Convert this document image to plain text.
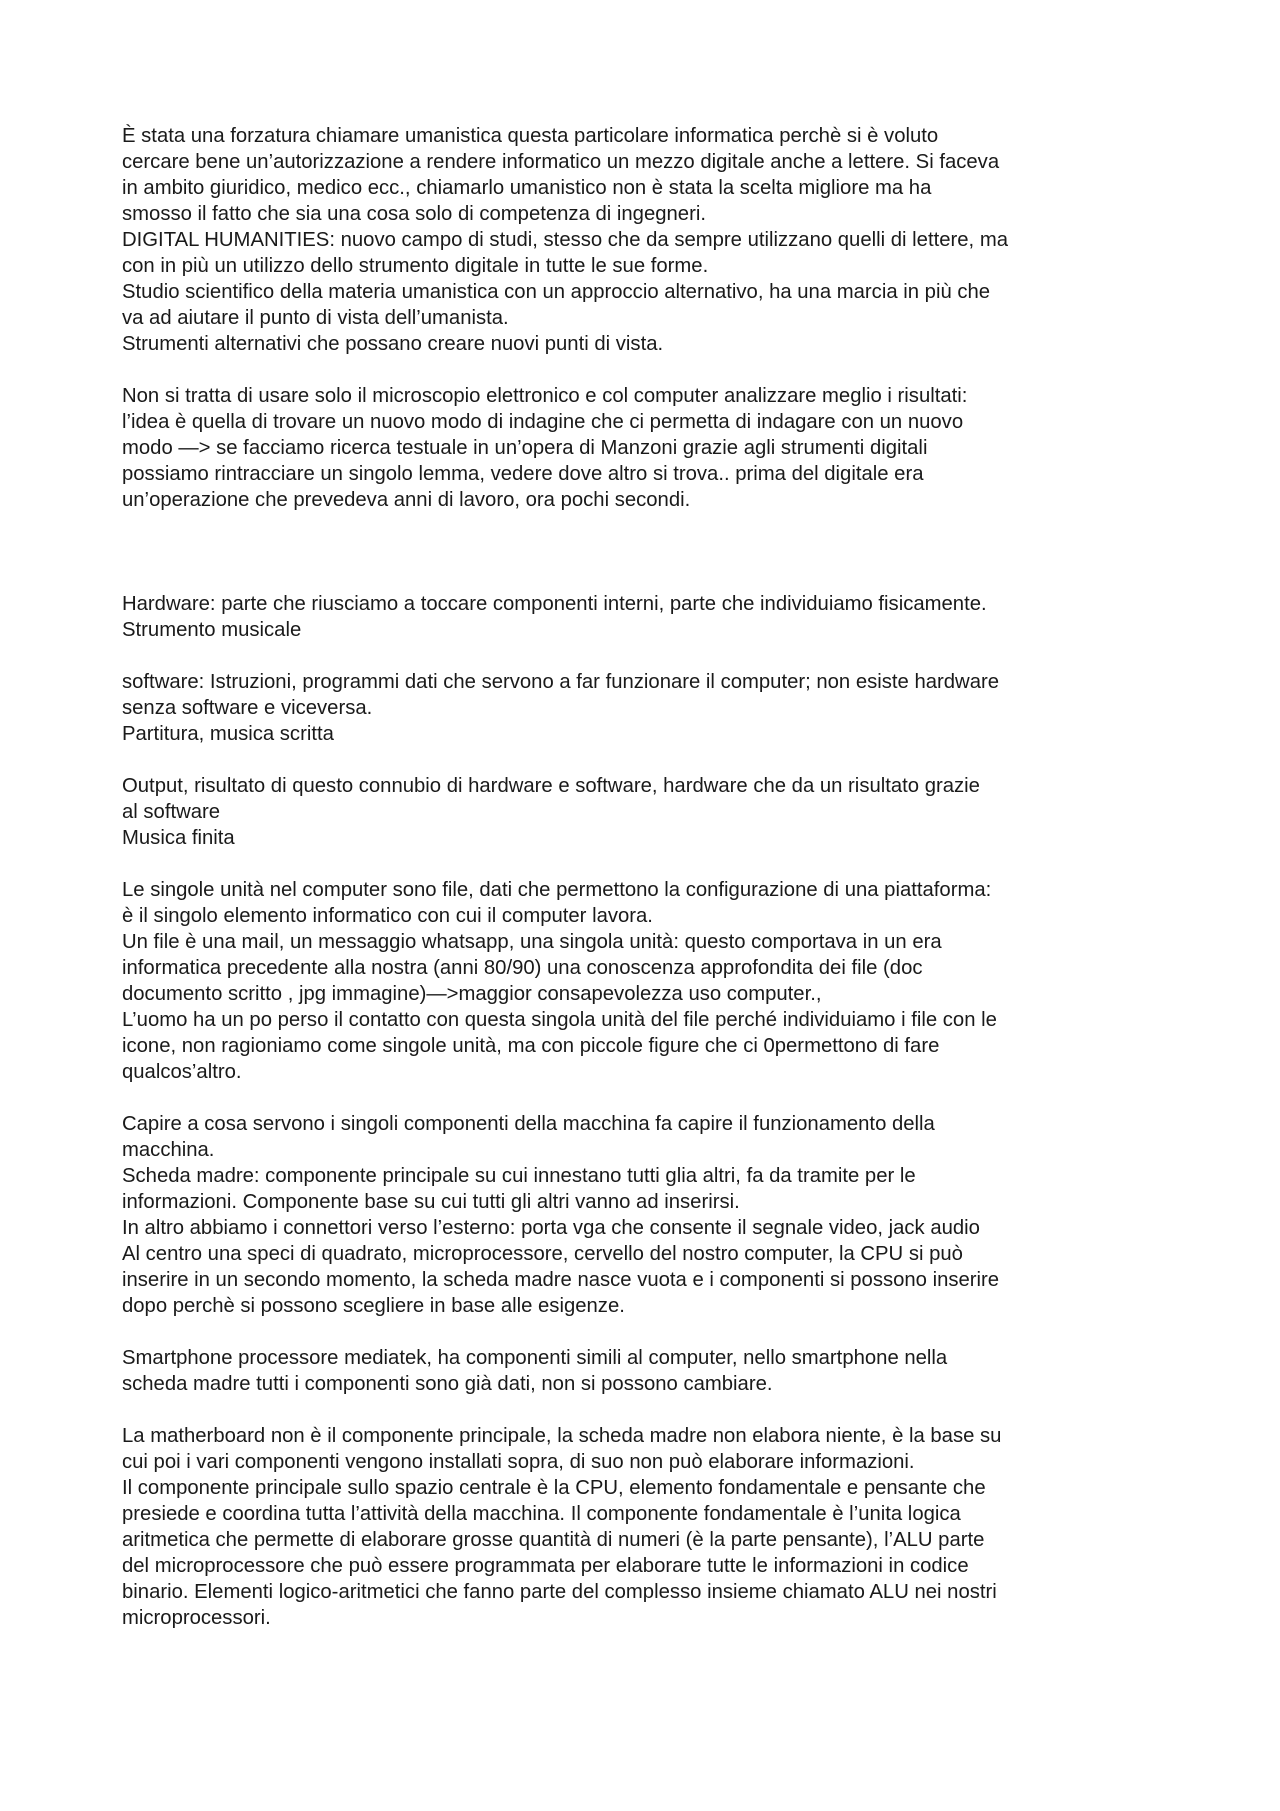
È stata una forzatura chiamare umanistica questa particolare informatica perchè si è voluto

cercare bene un’autorizzazione a rendere informatico un mezzo digitale anche a lettere. Si faceva

in ambito giuridico, medico ecc., chiamarlo umanistico non è stata la scelta migliore ma ha

smosso il fatto che sia una cosa solo di competenza di ingegneri.

DIGITAL HUMANITIES: nuovo campo di studi, stesso che da sempre utilizzano quelli di lettere, ma

con in più un utilizzo dello strumento digitale in tutte le sue forme.

Studio scientifico della materia umanistica con un approccio alternativo, ha una marcia in più che

va ad aiutare il punto di vista dell’umanista.

Strumenti alternativi che possano creare nuovi punti di vista.

Non si tratta di usare solo il microscopio elettronico e col computer analizzare meglio i risultati:

l’idea è quella di trovare un nuovo modo di indagine che ci permetta di indagare con un nuovo

modo —> se facciamo ricerca testuale in un’opera di Manzoni grazie agli strumenti digitali

possiamo rintracciare un singolo lemma, vedere dove altro si trova.. prima del digitale era

un’operazione che prevedeva anni di lavoro, ora pochi secondi.

Hardware: parte che riusciamo a toccare componenti interni, parte che individuiamo fisicamente.

Strumento musicale

software: Istruzioni, programmi dati che servono a far funzionare il computer; non esiste hardware

senza software e viceversa.

Partitura, musica scritta

Output, risultato di questo connubio di hardware e software, hardware che da un risultato grazie

al software

Musica finita

Le singole unità nel computer sono file, dati che permettono la configurazione di una piattaforma:

è il singolo elemento informatico con cui il computer lavora.

Un file è una mail, un messaggio whatsapp, una singola unità: questo comportava in un era

informatica precedente alla nostra (anni 80/90) una conoscenza approfondita dei file (doc

documento scritto , jpg immagine)—>maggior consapevolezza uso computer.,

L’uomo ha un po perso il contatto con questa singola unità del file perché individuiamo i file con le

icone, non ragioniamo come singole unità, ma con piccole figure che ci 0permettono di fare

qualcos’altro.

Capire a cosa servono i singoli componenti della macchina fa capire il funzionamento della

macchina.

Scheda madre: componente principale su cui innestano tutti glia altri, fa da tramite per le

informazioni. Componente base su cui tutti gli altri vanno ad inserirsi.

In altro abbiamo i connettori verso l’esterno: porta vga che consente il segnale video, jack audio

Al centro una speci di quadrato, microprocessore, cervello del nostro computer, la CPU si può

inserire in un secondo momento, la scheda madre nasce vuota e i componenti si possono inserire

dopo perchè si possono scegliere in base alle esigenze.

Smartphone processore mediatek, ha componenti simili al computer, nello smartphone nella

scheda madre tutti i componenti sono già dati, non si possono cambiare.

La matherboard non è il componente principale, la scheda madre non elabora niente, è la base su

cui poi i vari componenti vengono installati sopra, di suo non può elaborare informazioni.

Il componente principale sullo spazio centrale è la CPU, elemento fondamentale e pensante che

presiede e coordina tutta l’attività della macchina. Il componente fondamentale è l’unita logica

aritmetica che permette di elaborare grosse quantità di numeri (è la parte pensante), l’ALU parte

del microprocessore che può essere programmata per elaborare tutte le informazioni in codice

binario. Elementi logico-aritmetici che fanno parte del complesso insieme chiamato ALU nei nostri

microprocessori.
